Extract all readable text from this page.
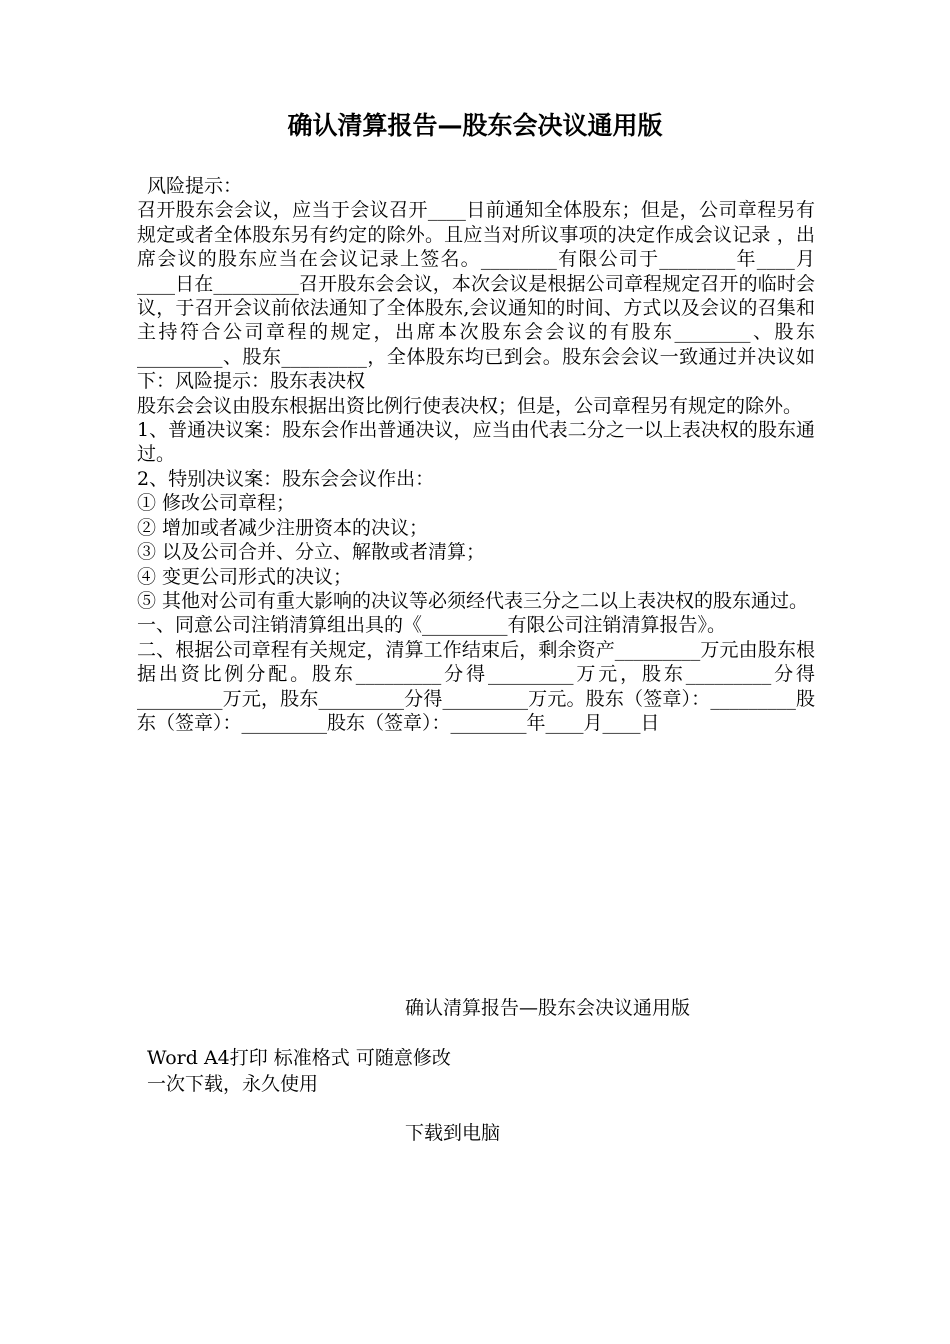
确认清算报告—股东会决议通用版

风险提示：

召开股东会会议，应当于会议召开____日前通知全体股东；但是，公司章程另有规定或者全体股东另有约定的除外。且应当对所议事项的决定作成会议记录 ，出席会议的股东应当在会议记录上签名。________有限公司于________年____月____日在_________召开股东会会议，本次会议是根据公司章程规定召开的临时会议，于召开会议前依法通知了全体股东,会议通知的时间、方式以及会议的召集和主持符合公司章程的规定，出席本次股东会会议的有股东________、股东_________、股东_________，全体股东均已到会。股东会会议一致通过并决议如下：风险提示：股东表决权

股东会会议由股东根据出资比例行使表决权；但是，公司章程另有规定的除外。

1、普通决议案：股东会作出普通决议，应当由代表二分之一以上表决权的股东通过。

2、特别决议案：股东会会议作出：

① 修改公司章程；

② 增加或者减少注册资本的决议；

③ 以及公司合并、分立、解散或者清算；

④ 变更公司形式的决议；

⑤ 其他对公司有重大影响的决议等必须经代表三分之二以上表决权的股东通过。

一、同意公司注销清算组出具的《_________有限公司注销清算报告》。

二、根据公司章程有关规定，清算工作结束后，剩余资产_________万元由股东根据出资比例分配。股东_________分得_________万元，股东_________分得_________万元，股东_________分得_________万元。股东（签章）：_________股东（签章）：_________股东（签章）：________年____月____日

确认清算报告—股东会决议通用版
Word A4打印 标准格式 可随意修改
一次下载，永久使用
下载到电脑
